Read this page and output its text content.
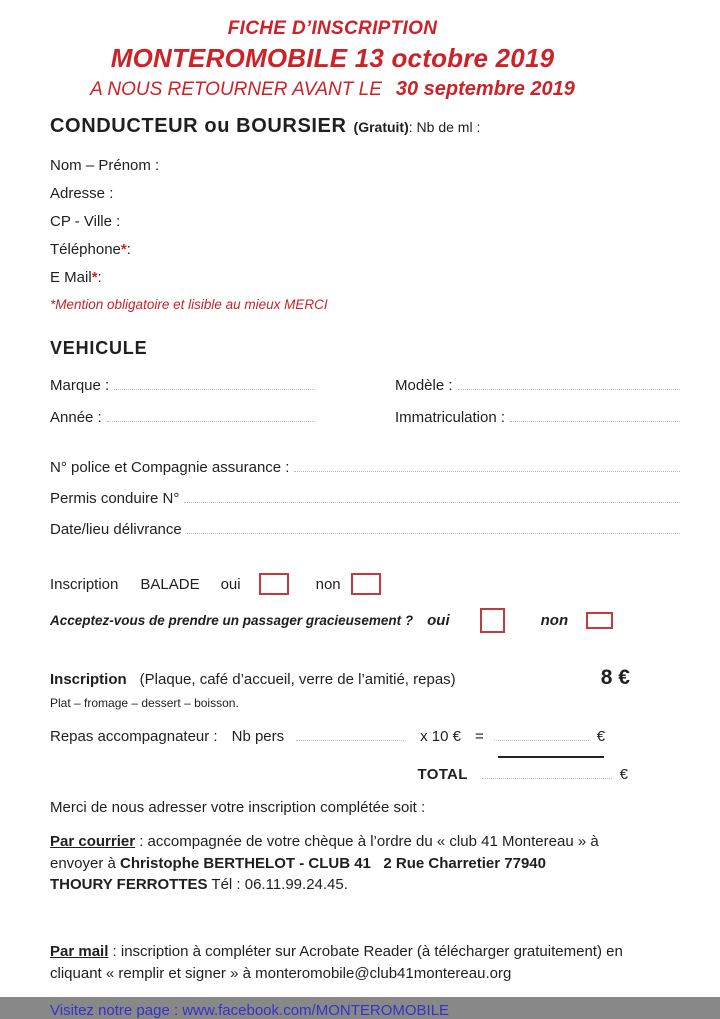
FICHE D’INSCRIPTION
MONTEROMOBILE 13 octobre 2019
A NOUS RETOURNER AVANT LE 30 septembre 2019
CONDUCTEUR ou BOURSIER (Gratuit) : Nb de ml :
Nom – Prénom :
Adresse :
CP - Ville :
Téléphone * :
E Mail * :
*Mention obligatoire et lisible au mieux MERCI
VEHICULE
Marque :	Modèle :
Année :	Immatriculation :
N° police et Compagnie assurance :
Permis conduire N°
Date/lieu délivrance
Inscription BALADE oui	non
Acceptez-vous de prendre un passager gracieusement ? oui	non
Inscription (Plaque, café d’accueil, verre de l’amitié, repas)	8 €
Plat – fromage – dessert – boisson.
Repas accompagnateur : Nb pers	x 10 € =	€
TOTAL	€
Merci de nous adresser votre inscription complétée soit :
Par courrier : accompagnée de votre chèque à l’ordre du « club 41 Montereau » à envoyer à Christophe BERTHELOT - CLUB 41   2 Rue Charretier 77940 THOURY FERROTTES Tél : 06.11.99.24.45.
Par mail : inscription à compléter sur Acrobate Reader (à télécharger gratuitement) en cliquant « remplir et signer » à monteromobile@club41montereau.org
Visitez notre page : www.facebook.com/MONTEROMOBILE
